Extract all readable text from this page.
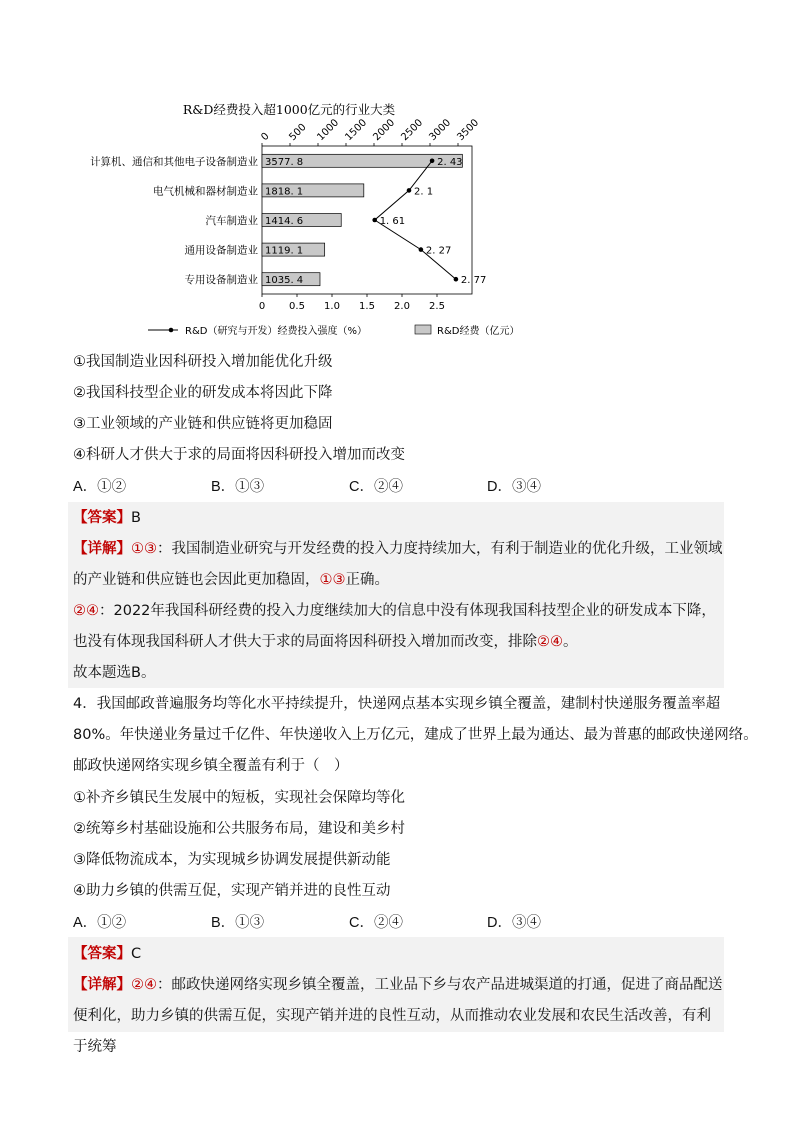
R&D经费投入超1000亿元的行业大类
0 500 1000 1500 2000 2500 3000 3500
计算机、通信和其他电子设备制造业 3577. 8
电气机械和器材制造业 1818. 1
汽车制造业 1414. 6
通用设备制造业 1119. 1
专用设备制造业 1035. 4
2. 43
2. 1
1. 61
2. 27
2. 77
0 0.5 1.0 1.5 2.0 2.5
R&D（研究与开发）经费投入强度（%）	R&D经费（亿元）
①我国制造业因科研投入增加能优化升级
②我国科技型企业的研发成本将因此下降
③工业领域的产业链和供应链将更加稳固
④科研人才供大于求的局面将因科研投入增加而改变
A．①②	B．①③	C．②④	D．③④
【答案】B
【详解】①③：我国制造业研究与开发经费的投入力度持续加大，有利于制造业的优化升级，工业领域的产业链和供应链也会因此更加稳固，①③正确。
②④：2022年我国科研经费的投入力度继续加大的信息中没有体现我国科技型企业的研发成本下降，也没有体现我国科研人才供大于求的局面将因科研投入增加而改变，排除②④。
故本题选B。
4．我国邮政普遍服务均等化水平持续提升，快递网点基本实现乡镇全覆盖，建制村快递服务覆盖率超
80%。年快递业务量过千亿件、年快递收入上万亿元，建成了世界上最为通达、最为普惠的邮政快递网络。
邮政快递网络实现乡镇全覆盖有利于（　）
①补齐乡镇民生发展中的短板，实现社会保障均等化
②统筹乡村基础设施和公共服务布局，建设和美乡村
③降低物流成本，为实现城乡协调发展提供新动能
④助力乡镇的供需互促，实现产销并进的良性互动
A．①②	B．①③	C．②④	D．③④
【答案】C
【详解】②④：邮政快递网络实现乡镇全覆盖，工业品下乡与农产品进城渠道的打通，促进了商品配送便利化，助力乡镇的供需互促，实现产销并进的良性互动，从而推动农业发展和农民生活改善，有利于统筹
